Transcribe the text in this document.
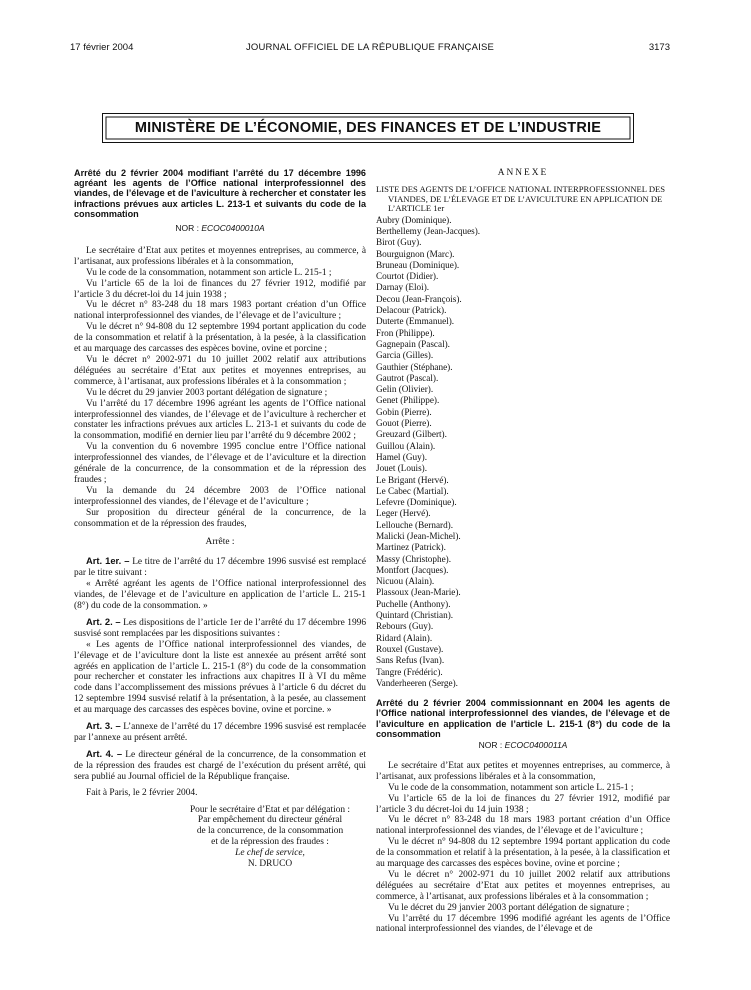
17 février 2004	JOURNAL OFFICIEL DE LA RÉPUBLIQUE FRANÇAISE	3173
MINISTÈRE DE L’ÉCONOMIE, DES FINANCES ET DE L’INDUSTRIE
Arrêté du 2 février 2004 modifiant l’arrêté du 17 décembre 1996 agréant les agents de l’Office national interprofessionnel des viandes, de l’élevage et de l’aviculture à rechercher et constater les infractions prévues aux articles L. 213-1 et suivants du code de la consommation
NOR : ECOC0400010A

Le secrétaire d’Etat aux petites et moyennes entreprises, au commerce, à l’artisanat, aux professions libérales et à la consommation,

Vu le code de la consommation, notamment son article L. 215-1 ;

Vu l’article 65 de la loi de finances du 27 février 1912, modifié par l’article 3 du décret-loi du 14 juin 1938 ;

Vu le décret n° 83-248 du 18 mars 1983 portant création d’un Office national interprofessionnel des viandes, de l’élevage et de l’aviculture ;

Vu le décret n° 94-808 du 12 septembre 1994 portant application du code de la consommation et relatif à la présentation, à la pesée, à la classification et au marquage des carcasses des espèces bovine, ovine et porcine ;

Vu le décret n° 2002-971 du 10 juillet 2002 relatif aux attributions déléguées au secrétaire d’Etat aux petites et moyennes entreprises, au commerce, à l’artisanat, aux professions libérales et à la consommation ;

Vu le décret du 29 janvier 2003 portant délégation de signature ;

Vu l’arrêté du 17 décembre 1996 agréant les agents de l’Office national interprofessionnel des viandes, de l’élevage et de l’aviculture à rechercher et constater les infractions prévues aux articles L. 213-1 et suivants du code de la consommation, modifié en dernier lieu par l’arrêté du 9 décembre 2002 ;

Vu la convention du 6 novembre 1995 conclue entre l’Office national interprofessionnel des viandes, de l’élevage et de l’aviculture et la direction générale de la concurrence, de la consommation et de la répression des fraudes ;

Vu la demande du 24 décembre 2003 de l’Office national interprofessionnel des viandes, de l’élevage et de l’aviculture ;

Sur proposition du directeur général de la concurrence, de la consommation et de la répression des fraudes,

Arrête :

Art. 1er. – Le titre de l’arrêté du 17 décembre 1996 susvisé est remplacé par le titre suivant :

« Arrêté agréant les agents de l’Office national interprofessionnel des viandes, de l’élevage et de l’aviculture en application de l’article L. 215-1 (8°) du code de la consommation. »

Art. 2. – Les dispositions de l’article 1er de l’arrêté du 17 décembre 1996 susvisé sont remplacées par les dispositions suivantes :

« Les agents de l’Office national interprofessionnel des viandes, de l’élevage et de l’aviculture dont la liste est annexée au présent arrêté sont agréés en application de l’article L. 215-1 (8°) du code de la consommation pour rechercher et constater les infractions aux chapitres II à VI du même code dans l’accomplissement des missions prévues à l’article 6 du décret du 12 septembre 1994 susvisé relatif à la présentation, à la pesée, au classement et au marquage des carcasses des espèces bovine, ovine et porcine. »

Art. 3. – L’annexe de l’arrêté du 17 décembre 1996 susvisé est remplacée par l’annexe au présent arrêté.

Art. 4. – Le directeur général de la concurrence, de la consommation et de la répression des fraudes est chargé de l’exécution du présent arrêté, qui sera publié au Journal officiel de la République française.

Fait à Paris, le 2 février 2004.

Pour le secrétaire d’Etat et par délégation :

Par empêchement du directeur général

de la concurrence, de la consommation

et de la répression des fraudes :

Le chef de service,

N. DRUCO

ANNEXE
LISTE DES AGENTS DE L’OFFICE NATIONAL INTERPROFESSIONNEL DES VIANDES, DE L’ÉLEVAGE ET DE L’AVICULTURE EN APPLICATION DE L’ARTICLE 1er
Aubry (Dominique).
Berthellemy (Jean-Jacques).
Birot (Guy).
Bourguignon (Marc).
Bruneau (Dominique).
Courtot (Didier).
Darnay (Eloi).
Decou (Jean-François).
Delacour (Patrick).
Duterte (Emmanuel).
Fron (Philippe).
Gagnepain (Pascal).
Garcia (Gilles).
Gauthier (Stéphane).
Gautrot (Pascal).
Gelin (Olivier).
Genet (Philippe).
Gobin (Pierre).
Gouot (Pierre).
Greuzard (Gilbert).
Guillou (Alain).
Hamel (Guy).
Jouet (Louis).
Le Brigant (Hervé).
Le Cabec (Martial).
Lefevre (Dominique).
Leger (Hervé).
Lellouche (Bernard).
Malicki (Jean-Michel).
Martinez (Patrick).
Massy (Christophe).
Montfort (Jacques).
Nicuou (Alain).
Plassoux (Jean-Marie).
Puchelle (Anthony).
Quintard (Christian).
Rebours (Guy).
Ridard (Alain).
Rouxel (Gustave).
Sans Refus (Ivan).
Tangre (Frédéric).
Vanderheeren (Serge).
Arrêté du 2 février 2004 commissionnant en 2004 les agents de l’Office national interprofessionnel des viandes, de l’élevage et de l’aviculture en application de l’article L. 215-1 (8°) du code de la consommation
NOR : ECOC0400011A

Le secrétaire d’Etat aux petites et moyennes entreprises, au commerce, à l’artisanat, aux professions libérales et à la consommation,

Vu le code de la consommation, notamment son article L. 215-1 ;

Vu l’article 65 de la loi de finances du 27 février 1912, modifié par l’article 3 du décret-loi du 14 juin 1938 ;

Vu le décret n° 83-248 du 18 mars 1983 portant création d’un Office national interprofessionnel des viandes, de l’élevage et de l’aviculture ;

Vu le décret n° 94-808 du 12 septembre 1994 portant application du code de la consommation et relatif à la présentation, à la pesée, à la classification et au marquage des carcasses des espèces bovine, ovine et porcine ;

Vu le décret n° 2002-971 du 10 juillet 2002 relatif aux attributions déléguées au secrétaire d’Etat aux petites et moyennes entreprises, au commerce, à l’artisanat, aux professions libérales et à la consommation ;

Vu le décret du 29 janvier 2003 portant délégation de signature ;

Vu l’arrêté du 17 décembre 1996 modifié agréant les agents de l’Office national interprofessionnel des viandes, de l’élevage et de
